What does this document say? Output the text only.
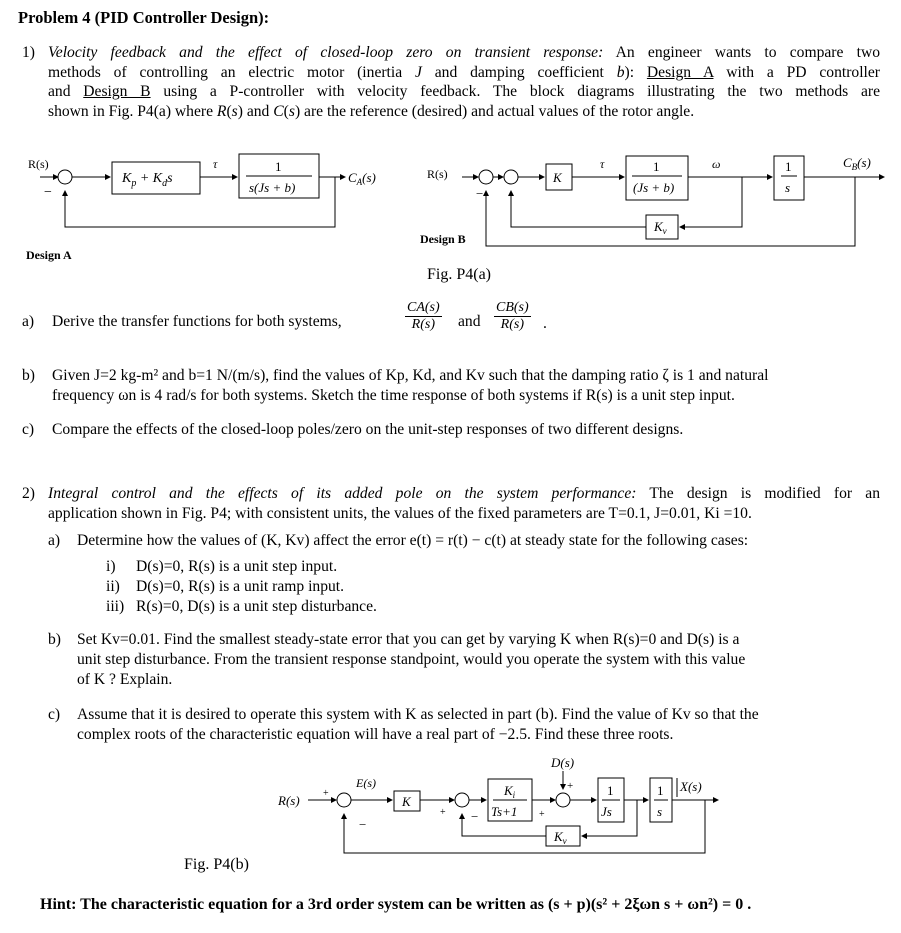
Problem 4 (PID Controller Design):
1) Velocity feedback and the effect of closed-loop zero on transient response: An engineer wants to compare two
methods of controlling an electric motor (inertia J and damping coefficient b): Design A with a PD controller
and Design B using a P-controller with velocity feedback. The block diagrams illustrating the two methods are
shown in Fig. P4(a) where R(s) and C(s) are the reference (desired) and actual values of the rotor angle.
R(s)
−
$K_p + K_ds$
τ	1
s(Js + b)
$C_A(s)$
Design A
R(s)
−
K
τ	1
(Js + b)
ω	1
s
$C_B(s)$
$K_v$
Design B
Fig. P4(a)
a) Derive the transfer functions for both systems,	$\frac{CA(s)}{R(s)}$ and $\frac{CB(s)}{R(s)}$ .
b) Given J=2 kg-m² and b=1 N/(m/s), find the values of Kp, Kd, and Kv such that the damping ratio ζ is 1 and natural
frequency ωn is 4 rad/s for both systems. Sketch the time response of both systems if R(s) is a unit step input.
c) Compare the effects of the closed-loop poles/zero on the unit-step responses of two different designs.
2) Integral control and the effects of its added pole on the system performance: The design is modified for an
application shown in Fig. P4; with consistent units, the values of the fixed parameters are T=0.1, J=0.01, Ki =10.
a) Determine how the values of (K, Kv) affect the error e(t) = r(t) − c(t) at steady state for the following cases:
i) D(s)=0, R(s) is a unit step input.
ii) D(s)=0, R(s) is a unit ramp input.
iii) R(s)=0, D(s) is a unit step disturbance.
b) Set Kv=0.01. Find the smallest steady-state error that you can get by varying K when R(s)=0 and D(s) is a
unit step disturbance. From the transient response standpoint, would you operate the system with this value
of K ? Explain.
c) Assume that it is desired to operate this system with K as selected in part (b). Find the value of Kv so that the
complex roots of the characteristic equation will have a real part of −2.5. Find these three roots.
D(s)
+
R(s) +
−
E(s)
K
+ −
$K_i$
Ts+1 +
1
Js
1
s
X(s)
$K_v$
Fig. P4(b)
Hint: The characteristic equation for a 3rd order system can be written as (s + p)(s² + 2ξωn s + ωn²) = 0 .
